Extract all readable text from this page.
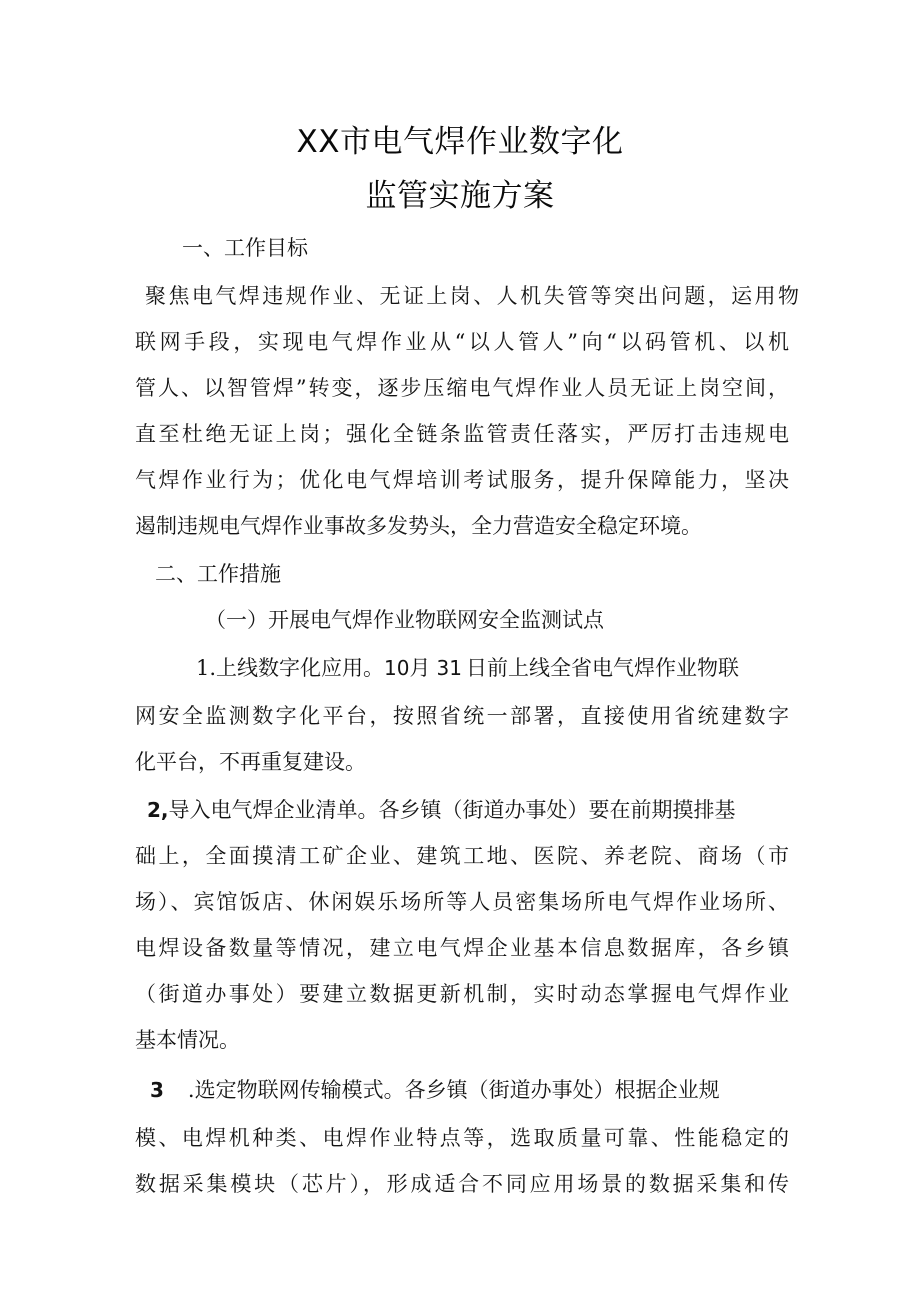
XX市电气焊作业数字化
监管实施方案
一、工作目标
聚焦电气焊违规作业、无证上岗、人机失管等突出问题，运用物
联网手段，实现电气焊作业从“以人管人”向“以码管机、以机
管人、以智管焊”转变，逐步压缩电气焊作业人员无证上岗空间，
直至杜绝无证上岗；强化全链条监管责任落实，严厉打击违规电
气焊作业行为；优化电气焊培训考试服务，提升保障能力，坚决
遏制违规电气焊作业事故多发势头，全力营造安全稳定环境。
二、工作措施
（一）开展电气焊作业物联网安全监测试点
1.上线数字化应用。10月 31 日前上线全省电气焊作业物联
网安全监测数字化平台，按照省统一部署，直接使用省统建数字
化平台，不再重复建设。
2,导入电气焊企业清单。各乡镇（街道办事处）要在前期摸排基
础上，全面摸清工矿企业、建筑工地、医院、养老院、商场（市
场）、宾馆饭店、休闲娱乐场所等人员密集场所电气焊作业场所、
电焊设备数量等情况，建立电气焊企业基本信息数据库，各乡镇
（街道办事处）要建立数据更新机制，实时动态掌握电气焊作业
基本情况。
3 .选定物联网传输模式。各乡镇（街道办事处）根据企业规
模、电焊机种类、电焊作业特点等，选取质量可靠、性能稳定的
数据采集模块（芯片），形成适合不同应用场景的数据采集和传
